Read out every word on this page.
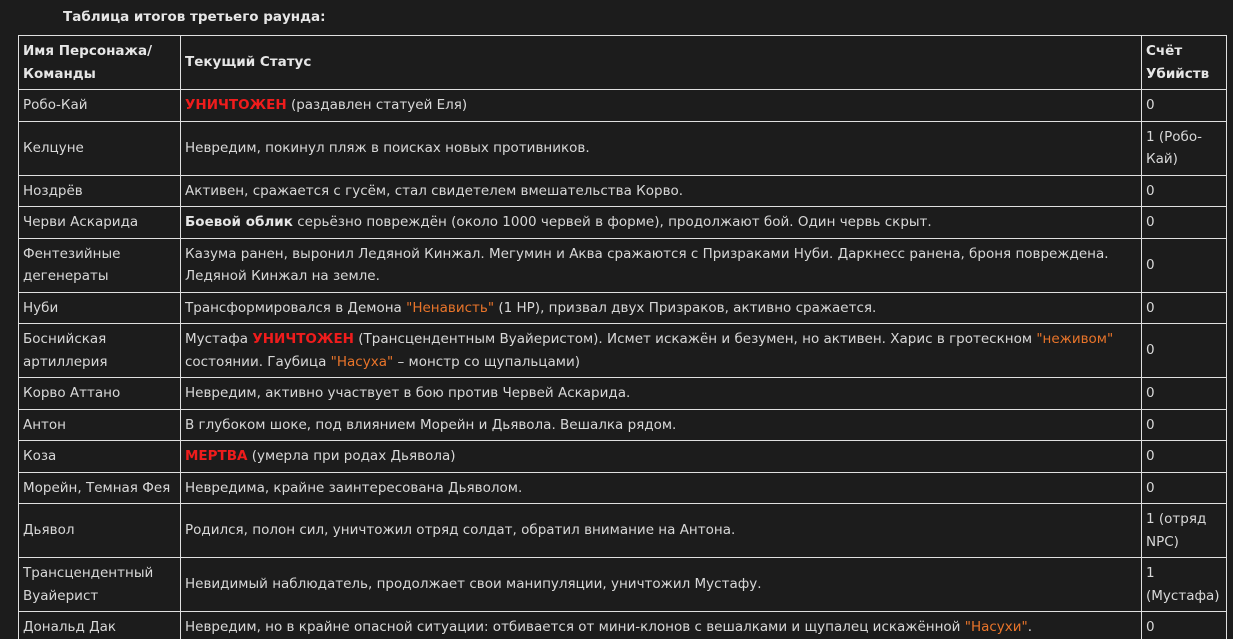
Таблица итогов третьего раунда:
Имя Персонажа/ Команды	Текущий Статус	Счёт Убийств
Робо-Кай	УНИЧТОЖЕН (раздавлен статуей Еля)	0
Келцуне	Невредим, покинул пляж в поисках новых противников.	1 (Робо-Кай)
Ноздрёв	Активен, сражается с гусём, стал свидетелем вмешательства Корво.	0
Черви Аскарида	Боевой облик серьёзно повреждён (около 1000 червей в форме), продолжают бой. Один червь скрыт.	0
Фентезийные дегенераты	Казума ранен, выронил Ледяной Кинжал. Мегумин и Аква сражаются с Призраками Нуби. Даркнесс ранена, броня повреждена. Ледяной Кинжал на земле.	0
Нуби	Трансформировался в Демона "Ненависть" (1 HP), призвал двух Призраков, активно сражается.	0
Боснийская артиллерия	Мустафа УНИЧТОЖЕН (Трансцендентным Вуайеристом). Исмет искажён и безумен, но активен. Харис в гротескном "неживом" состоянии. Гаубица "Насуха" – монстр со щупальцами)	0
Корво Аттано	Невредим, активно участвует в бою против Червей Аскарида.	0
Антон	В глубоком шоке, под влиянием Морейн и Дьявола. Вешалка рядом.	0
Коза	МЕРТВА (умерла при родах Дьявола)	0
Морейн, Темная Фея	Невредима, крайне заинтересована Дьяволом.	0
Дьявол	Родился, полон сил, уничтожил отряд солдат, обратил внимание на Антона.	1 (отряд NPC)
Трансцендентный Вуайерист	Невидимый наблюдатель, продолжает свои манипуляции, уничтожил Мустафу.	1 (Мустафа)
Дональд Дак	Невредим, но в крайне опасной ситуации: отбивается от мини-клонов с вешалками и щупалец искажённой "Насухи".	0
